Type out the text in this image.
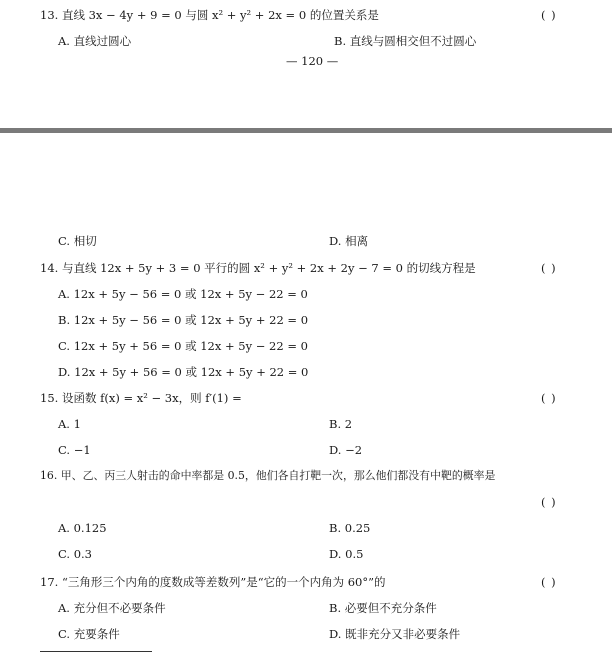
13. 直线 3x − 4y + 9 = 0 与圆 x² + y² + 2x = 0 的位置关系是	( )
A. 直线过圆心	B. 直线与圆相交但不过圆心
— 120 —
C. 相切	D. 相离
14. 与直线 12x + 5y + 3 = 0 平行的圆 x² + y² + 2x + 2y − 7 = 0 的切线方程是	( )
A. 12x + 5y − 56 = 0 或 12x + 5y − 22 = 0
B. 12x + 5y − 56 = 0 或 12x + 5y + 22 = 0
C. 12x + 5y + 56 = 0 或 12x + 5y − 22 = 0
D. 12x + 5y + 56 = 0 或 12x + 5y + 22 = 0
15. 设函数 f(x) = x² − 3x，则 f′(1) =	( )
A. 1	B. 2
C. −1	D. −2
16. 甲、乙、丙三人射击的命中率都是 0.5，他们各自打靶一次，那么他们都没有中靶的概率是
( )
A. 0.125	B. 0.25
C. 0.3	D. 0.5
17. “三角形三个内角的度数成等差数列”是“它的一个内角为 60°”的	( )
A. 充分但不必要条件	B. 必要但不充分条件
C. 充要条件	D. 既非充分又非必要条件
